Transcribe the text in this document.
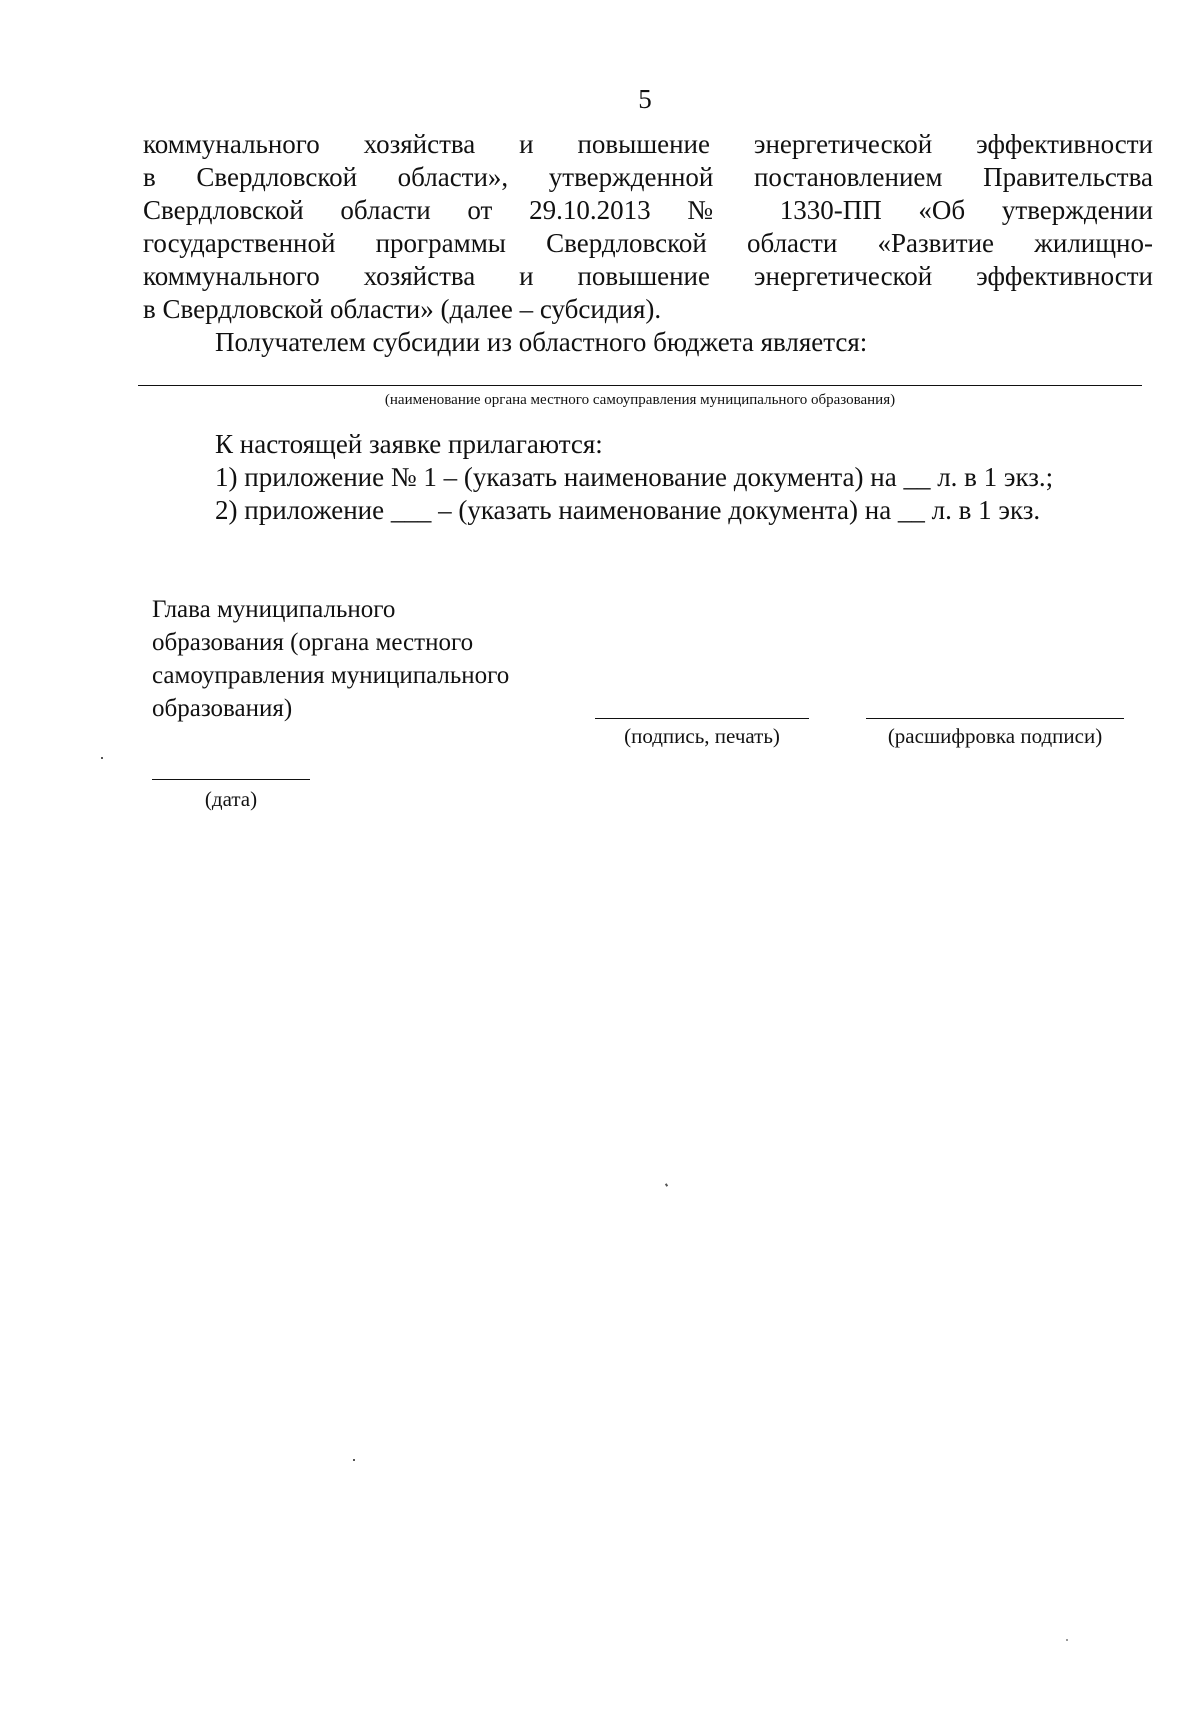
5
коммунального хозяйства и повышение энергетической эффективности
в Свердловской области», утвержденной постановлением Правительства
Свердловской области от 29.10.2013 № 1330-ПП «Об утверждении
государственной программы Свердловской области «Развитие жилищно-
коммунального хозяйства и повышение энергетической эффективности
в Свердловской области» (далее – субсидия).
Получателем субсидии из областного бюджета является:
(наименование органа местного самоуправления муниципального образования)
К настоящей заявке прилагаются:
1) приложение № 1 – (указать наименование документа) на __ л. в 1 экз.;
2) приложение ___ – (указать наименование документа) на __ л. в 1 экз.
Глава муниципального
образования (органа местного
самоуправления муниципального
образования)
(подпись, печать)	(расшифровка подписи)
(дата)
